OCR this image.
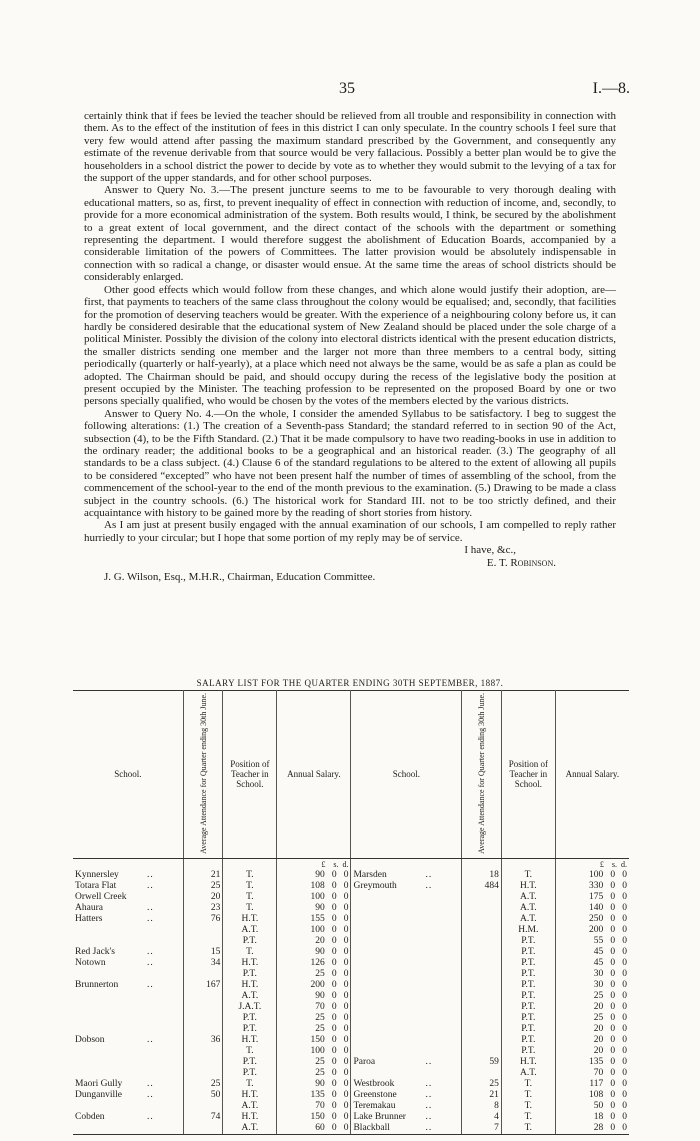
35	I.—8.

certainly think that if fees be levied the teacher should be relieved from all trouble and responsibility in connection with them. As to the effect of the institution of fees in this district I can only speculate. In the country schools I feel sure that very few would attend after passing the maximum standard prescribed by the Government, and consequently any estimate of the revenue derivable from that source would be very fallacious. Possibly a better plan would be to give the householders in a school district the power to decide by vote as to whether they would submit to the levying of a tax for the support of the upper standards, and for other school purposes.

Answer to Query No. 3.—The present juncture seems to me to be favourable to very thorough dealing with educational matters, so as, first, to prevent inequality of effect in connection with reduction of income, and, secondly, to provide for a more economical administration of the system. Both results would, I think, be secured by the abolishment to a great extent of local government, and the direct contact of the schools with the department or something representing the department. I would therefore suggest the abolishment of Education Boards, accompanied by a considerable limitation of the powers of Committees. The latter provision would be absolutely indispensable in connection with so radical a change, or disaster would ensue. At the same time the areas of school districts should be considerably enlarged.

Other good effects which would follow from these changes, and which alone would justify their adoption, are—first, that payments to teachers of the same class throughout the colony would be equalised; and, secondly, that facilities for the promotion of deserving teachers would be greater. With the experience of a neighbouring colony before us, it can hardly be considered desirable that the educational system of New Zealand should be placed under the sole charge of a political Minister. Possibly the division of the colony into electoral districts identical with the present education districts, the smaller districts sending one member and the larger not more than three members to a central body, sitting periodically (quarterly or half-yearly), at a place which need not always be the same, would be as safe a plan as could be adopted. The Chairman should be paid, and should occupy during the recess of the legislative body the position at present occupied by the Minister. The teaching profession to be represented on the proposed Board by one or two persons specially qualified, who would be chosen by the votes of the members elected by the various districts.

Answer to Query No. 4.—On the whole, I consider the amended Syllabus to be satisfactory. I beg to suggest the following alterations: (1.) The creation of a Seventh-pass Standard; the standard referred to in section 90 of the Act, subsection (4), to be the Fifth Standard. (2.) That it be made compulsory to have two reading-books in use in addition to the ordinary reader; the additional books to be a geographical and an historical reader. (3.) The geography of all standards to be a class subject. (4.) Clause 6 of the standard regulations to be altered to the extent of allowing all pupils to be considered “excepted” who have not been present half the number of times of assembling of the school, from the commencement of the school-year to the end of the month previous to the examination. (5.) Drawing to be made a class subject in the country schools. (6.) The historical work for Standard III. not to be too strictly defined, and their acquaintance with history to be gained more by the reading of short stories from history.

As I am just at present busily engaged with the annual examination of our schools, I am compelled to reply rather hurriedly to your circular; but I hope that some portion of my reply may be of service.

I have, &c.,
E. T. Robinson.
J. G. Wilson, Esq., M.H.R., Chairman, Education Committee.
SALARY LIST FOR THE QUARTER ENDING 30TH SEPTEMBER, 1887.
School.	Average Attendance for Quarter ending 30th June.	Position of Teacher in School.	Annual Salary.	School.	Average Attendance for Quarter ending 30th June.	Position of Teacher in School.	Annual Salary.
			£ s. d.				£ s. d.
Kynnersley ..	21	T.	90 0 0	Marsden ..	18	T.	100 0 0
Totara Flat ..	25	T.	108 0 0	Greymouth ..	484	H.T.	330 0 0
Orwell Creek	20	T.	100 0 0			A.T.	175 0 0
Ahaura ..	23	T.	90 0 0			A.T.	140 0 0
Hatters ..	76	H.T.	155 0 0			A.T.	250 0 0
		A.T.	100 0 0			H.M.	200 0 0
		P.T.	20 0 0			P.T.	55 0 0
Red Jack's ..	15	T.	90 0 0			P.T.	45 0 0
Notown ..	34	H.T.	126 0 0			P.T.	45 0 0
		P.T.	25 0 0			P.T.	30 0 0
Brunnerton ..	167	H.T.	200 0 0			P.T.	30 0 0
		A.T.	90 0 0			P.T.	25 0 0
		J.A.T.	70 0 0			P.T.	20 0 0
		P.T.	25 0 0			P.T.	25 0 0
		P.T.	25 0 0			P.T.	20 0 0
Dobson ..	36	H.T.	150 0 0			P.T.	20 0 0
		T.	100 0 0			P.T.	20 0 0
		P.T.	25 0 0	Paroa ..	59	H.T.	135 0 0
		P.T.	25 0 0			A.T.	70 0 0
Maori Gully ..	25	T.	90 0 0	Westbrook ..	25	T.	117 0 0
Dunganville ..	50	H.T.	135 0 0	Greenstone ..	21	T.	108 0 0
		A.T.	70 0 0	Teremakau ..	8	T.	50 0 0
Cobden ..	74	H.T.	150 0 0	Lake Brunner ..	4	T.	18 0 0
		A.T.	60 0 0	Blackball ..	7	T.	28 0 0
